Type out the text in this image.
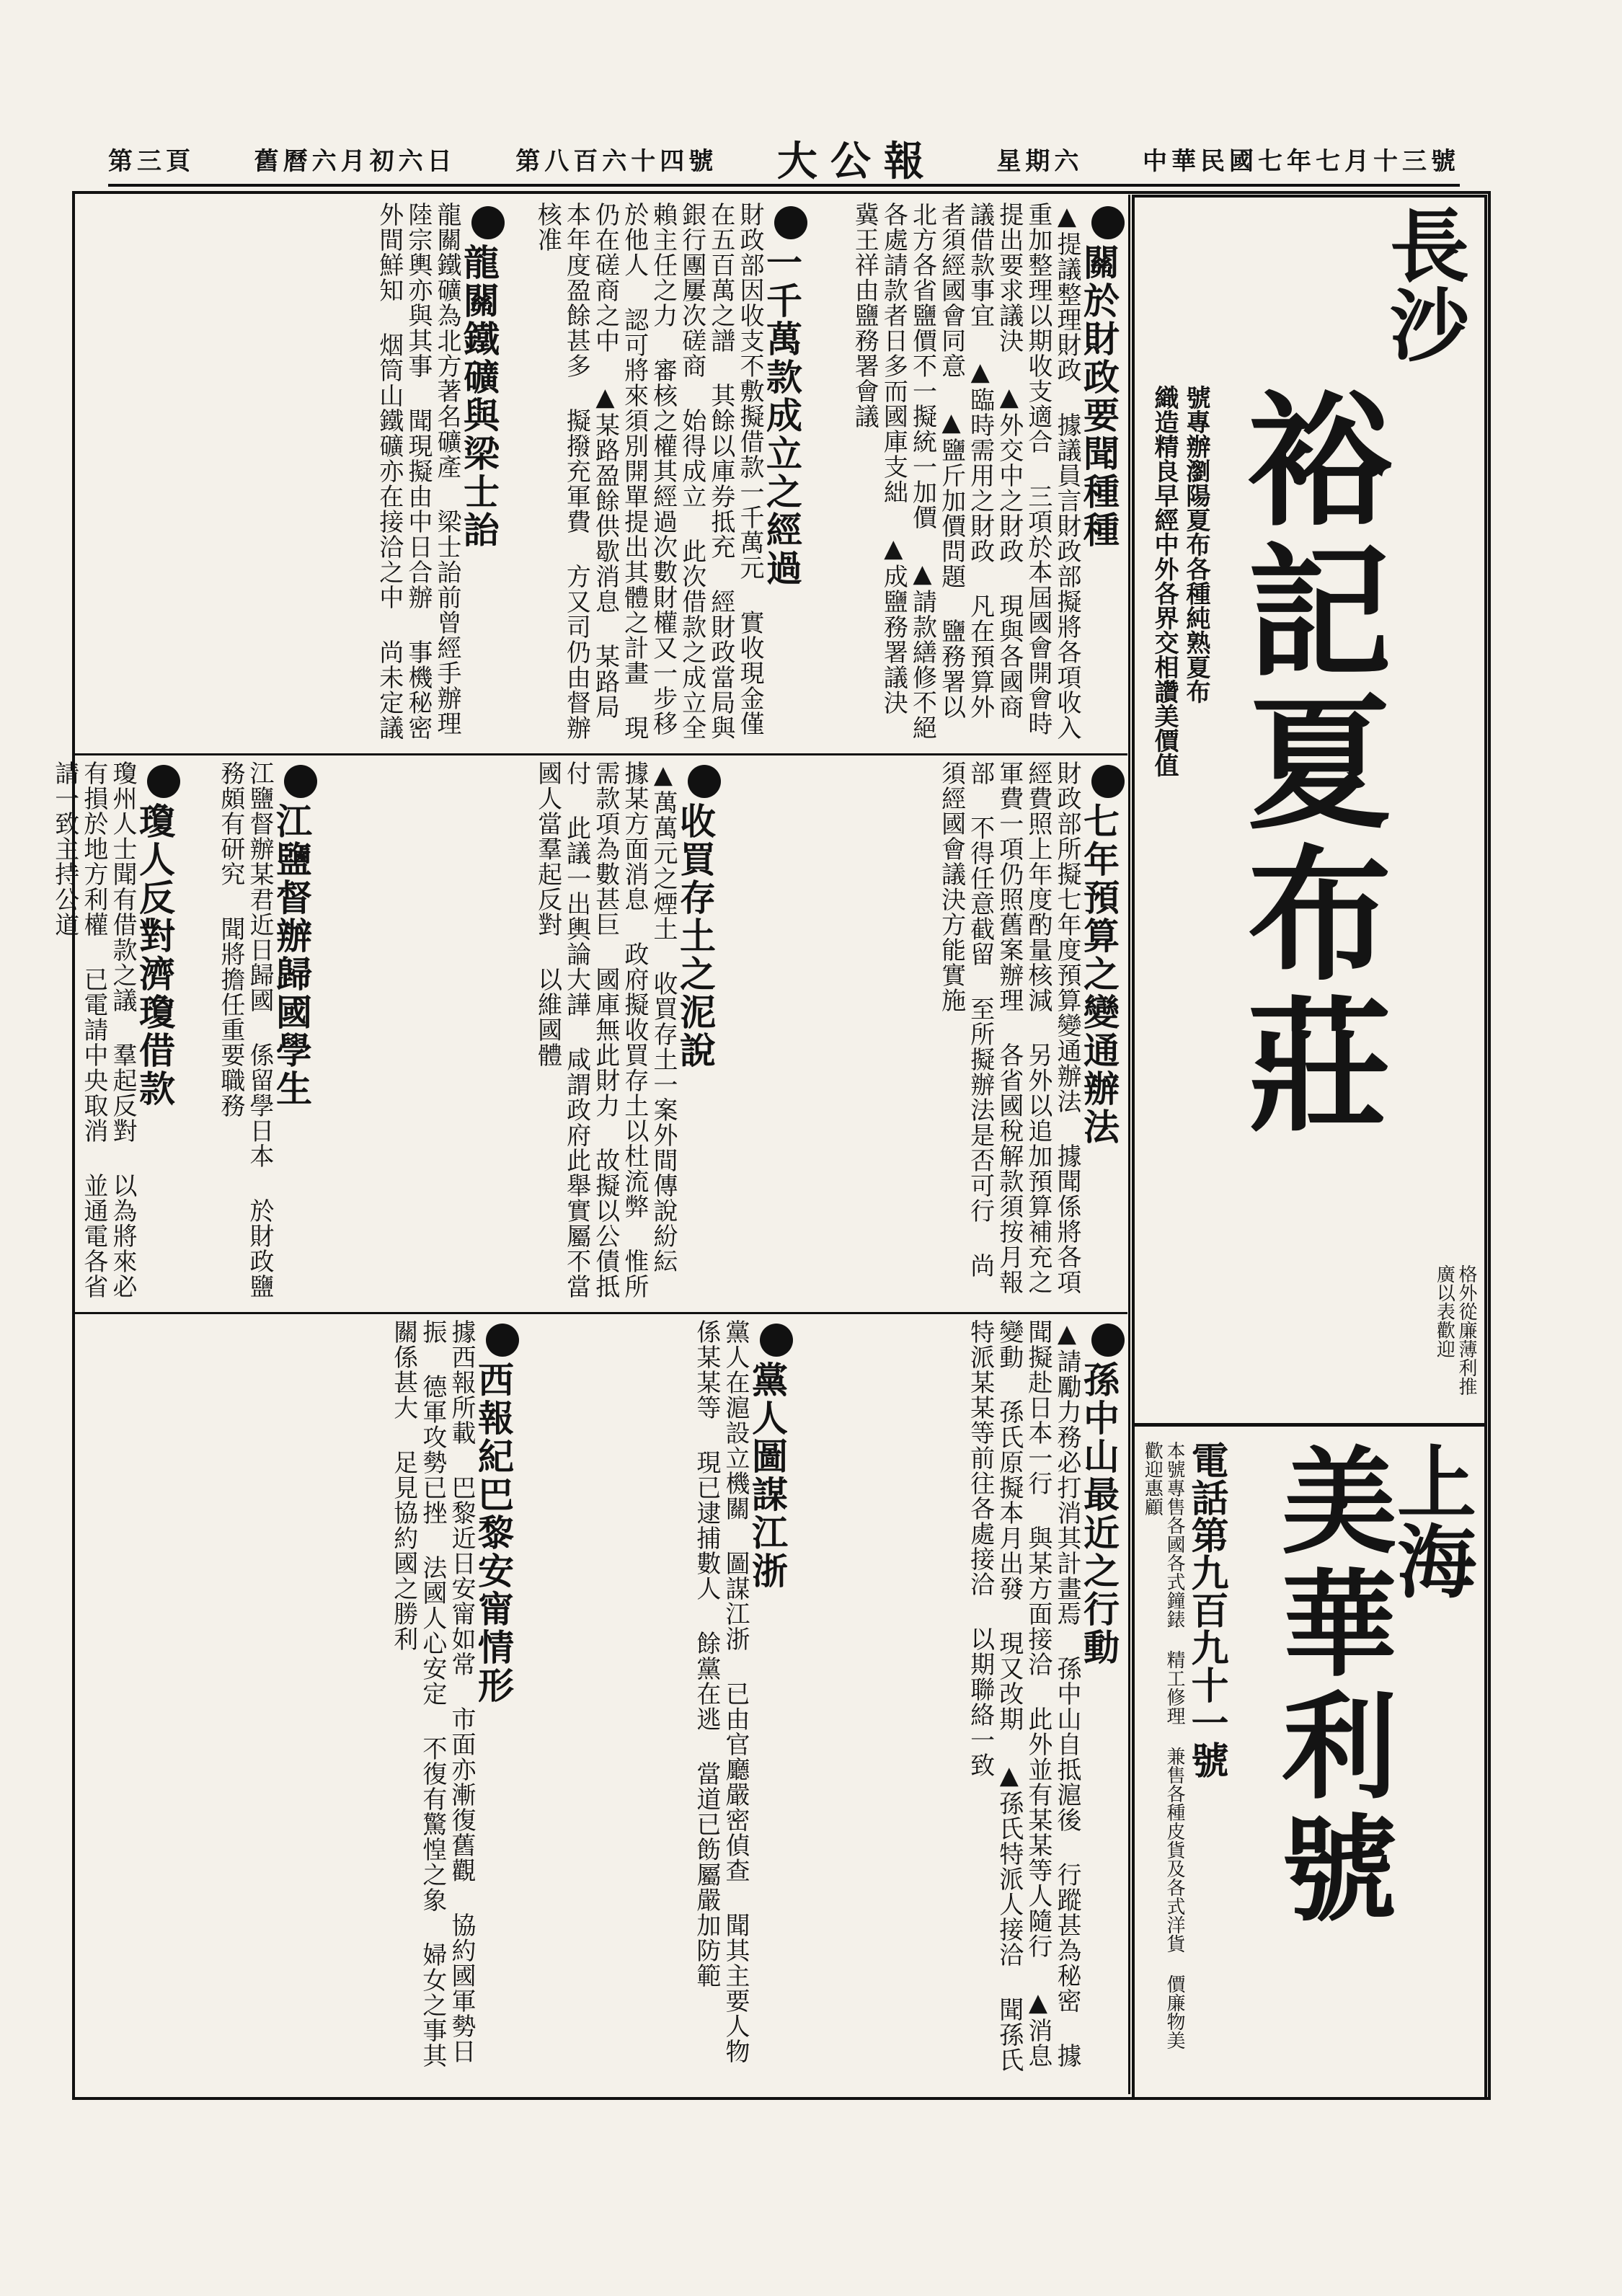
中華民國七年七月十三號
星期六
大公報
第八百六十四號
舊曆六月初六日
第三頁
長沙
裕記夏布莊
號專辦瀏陽夏布各種純熟夏布
織造精良早經中外各界交相讚美價值
格外從廉薄利推廣以表歡迎
上海
美華利號
電話第九百九十一號
本號專售各國各式鐘錶 精工修理 兼售各種皮貨及各式洋貨 價廉物美 歡迎惠顧
關於財政要聞種種
▲提議整理財政 據議員言財政部擬將各項收入重加整理以期收支適合 三項於本屆國會開會時提出要求議決 ▲外交中之財政 現與各國商議借款事宜 ▲臨時需用之財政 凡在預算外者須經國會同意 ▲鹽斤加價問題 鹽務署以北方各省鹽價不一擬統一加價 ▲請款繕修不絕 各處請款者日多而國庫支絀 ▲成鹽務署議決 冀王祥由鹽務署會議
一千萬款成立之經過
財政部因收支不敷擬借款一千萬元 實收現金僅在五百萬之譜 其餘以庫券抵充 經財政當局與銀行團屢次磋商 始得成立 此次借款之成立全賴主任之力 審核之權其經過次數財權又一步移於他人 認可將來須別開單提出其體之計畫 現仍在磋商之中 ▲某路盈餘供歇消息 某路局本年度盈餘甚多 擬撥充軍費 方又司仍由督辦核准
龍關鐵礦與梁士詒
龍關鐵礦為北方著名礦產 梁士詒前曾經手辦理 陸宗輿亦與其事 聞現擬由中日合辦 事機秘密外間鮮知 烟筒山鐵礦亦在接洽之中 尚未定議
七年預算之變通辦法
財政部所擬七年度預算變通辦法 據聞係將各項經費照上年度酌量核減 另外以追加預算補充之 軍費一項仍照舊案辦理 各省國稅解款須按月報部 不得任意截留 至所擬辦法是否可行 尚須經國會議決方能實施
收買存土之泥說
▲萬萬元之煙土 收買存土一案外間傳說紛紜 據某方面消息 政府擬收買存土以杜流弊 惟所需款項為數甚巨 國庫無此財力 故擬以公債抵付 此議一出輿論大譁 咸謂政府此舉實屬不當 國人當羣起反對 以維國體
江鹽督辦歸國學生
江鹽督辦某君近日歸國 係留學日本 於財政鹽務頗有研究 聞將擔任重要職務
瓊人反對濟瓊借款
瓊州人士聞有借款之議 羣起反對 以為將來必有損於地方利權 已電請中央取消 並通電各省 請一致主持公道
孫中山最近之行動
▲請勵力務必打消其計畫焉 孫中山自抵滬後 行蹤甚為秘密 據聞擬赴日本一行 與某方面接洽 此外並有某某等人隨行 ▲消息變動 孫氏原擬本月出發 現又改期 ▲孫氏特派人接洽 聞孫氏特派某某等前往各處接洽 以期聯絡一致
黨人圖謀江浙
黨人在滬設立機關 圖謀江浙 已由官廳嚴密偵查 聞其主要人物係某某等 現已逮捕數人 餘黨在逃 當道已飭屬嚴加防範
西報紀巴黎安甯情形
據西報所載 巴黎近日安甯如常 市面亦漸復舊觀 協約國軍勢日振 德軍攻勢已挫 法國人心安定 不復有驚惶之象 婦女之事其關係甚大 足見協約國之勝利
